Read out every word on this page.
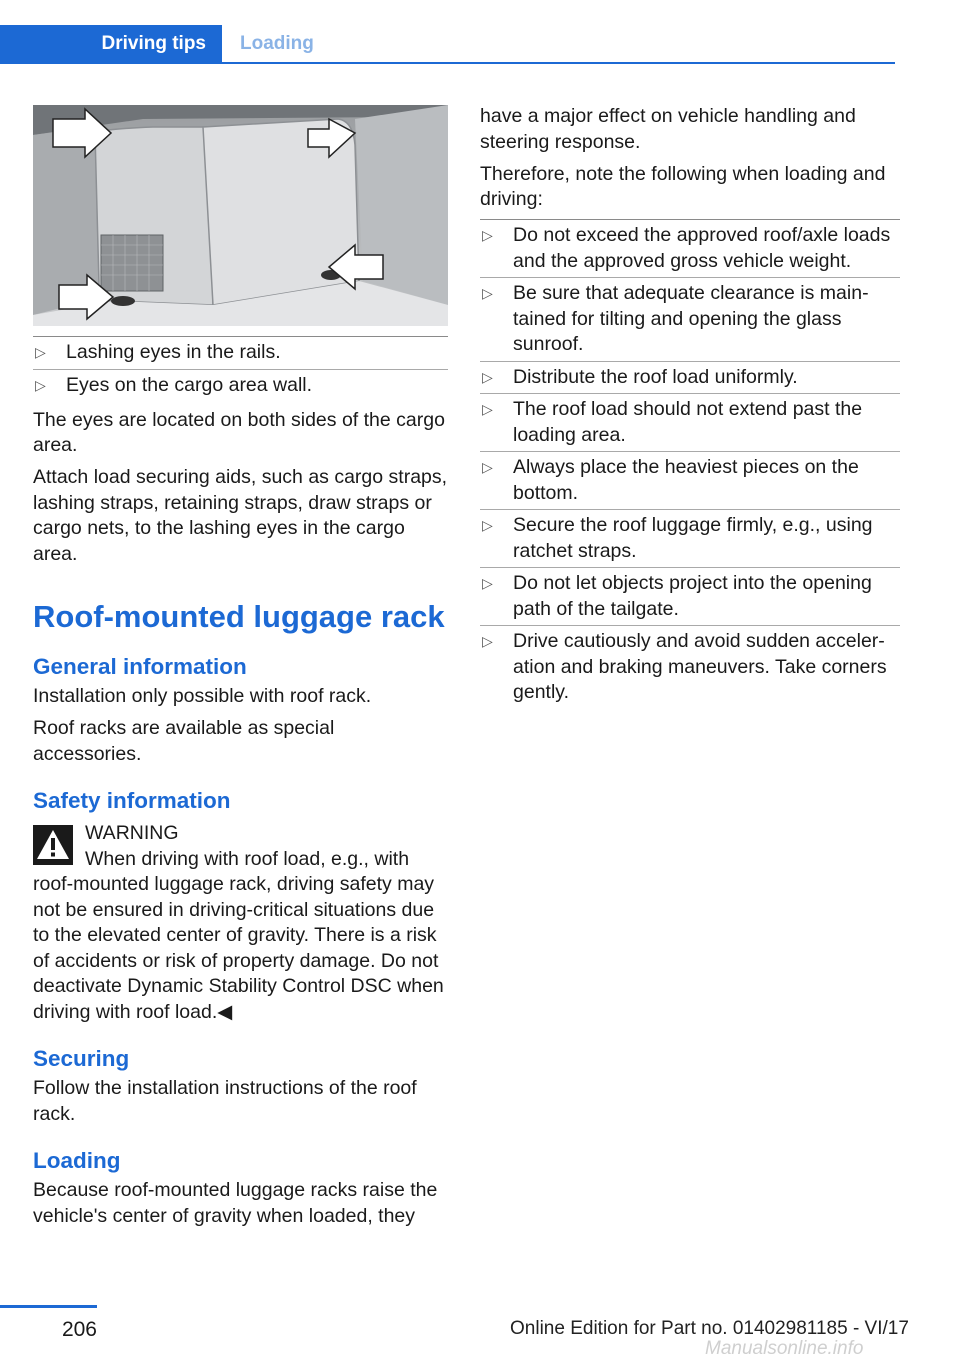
Driving tips	Loading
▷ Lashing eyes in the rails.
▷ Eyes on the cargo area wall.

The eyes are located on both sides of the cargo area.

Attach load securing aids, such as cargo straps, lashing straps, retaining straps, draw straps or cargo nets, to the lashing eyes in the cargo area.

Roof-mounted luggage rack
General information

Installation only possible with roof rack.

Roof racks are available as special accessories.

Safety information
WARNING

When driving with roof load, e.g., with roof-mounted luggage rack, driving safety may not be ensured in driving-critical situations due to the elevated center of gravity. There is a risk of accidents or risk of property damage. Do not deactivate Dynamic Stability Control DSC when driving with roof load.◀

Securing

Follow the installation instructions of the roof rack.

Loading

Because roof-mounted luggage racks raise the vehicle's center of gravity when loaded, they

have a major effect on vehicle handling and steering response.

Therefore, note the following when loading and driving:

▷ Do not exceed the approved roof/axle loads and the approved gross vehicle weight.
▷ Be sure that adequate clearance is maintained for tilting and opening the glass sunroof.
▷ Distribute the roof load uniformly.
▷ The roof load should not extend past the loading area.
▷ Always place the heaviest pieces on the bottom.
▷ Secure the roof luggage firmly, e.g., using ratchet straps.
▷ Do not let objects project into the opening path of the tailgate.
▷ Drive cautiously and avoid sudden acceleration and braking maneuvers. Take corners gently.
206	Online Edition for Part no. 01402981185 - VI/17
Manualsonline.info
